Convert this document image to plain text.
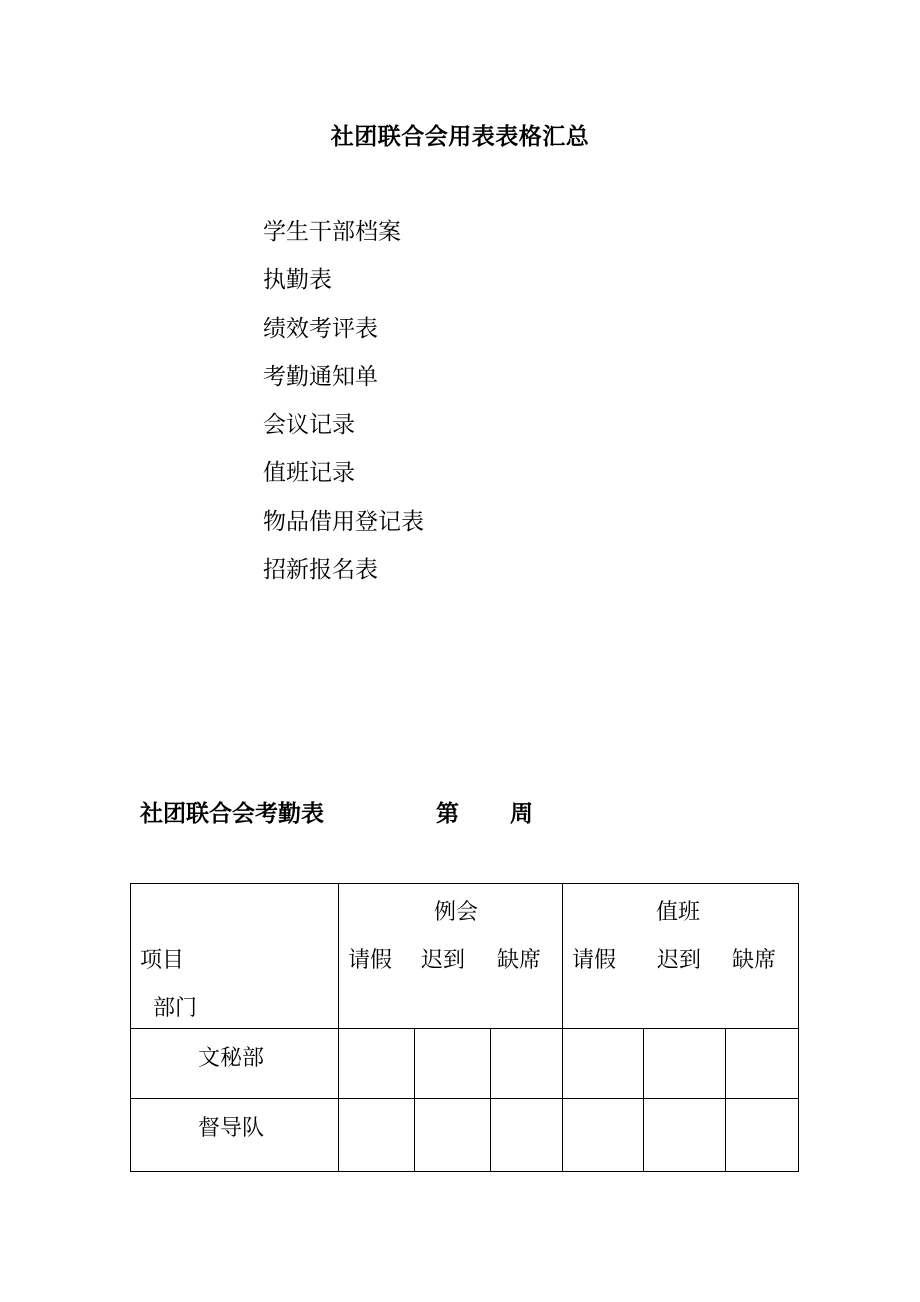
社团联合会用表表格汇总
学生干部档案
执勤表
绩效考评表
考勤通知单
会议记录
值班记录
物品借用登记表
招新报名表
社团联合会考勤表	第 周
例会	值班
项目
部门
请假 迟到 缺席 请假 迟到 缺席
文秘部
督导队
